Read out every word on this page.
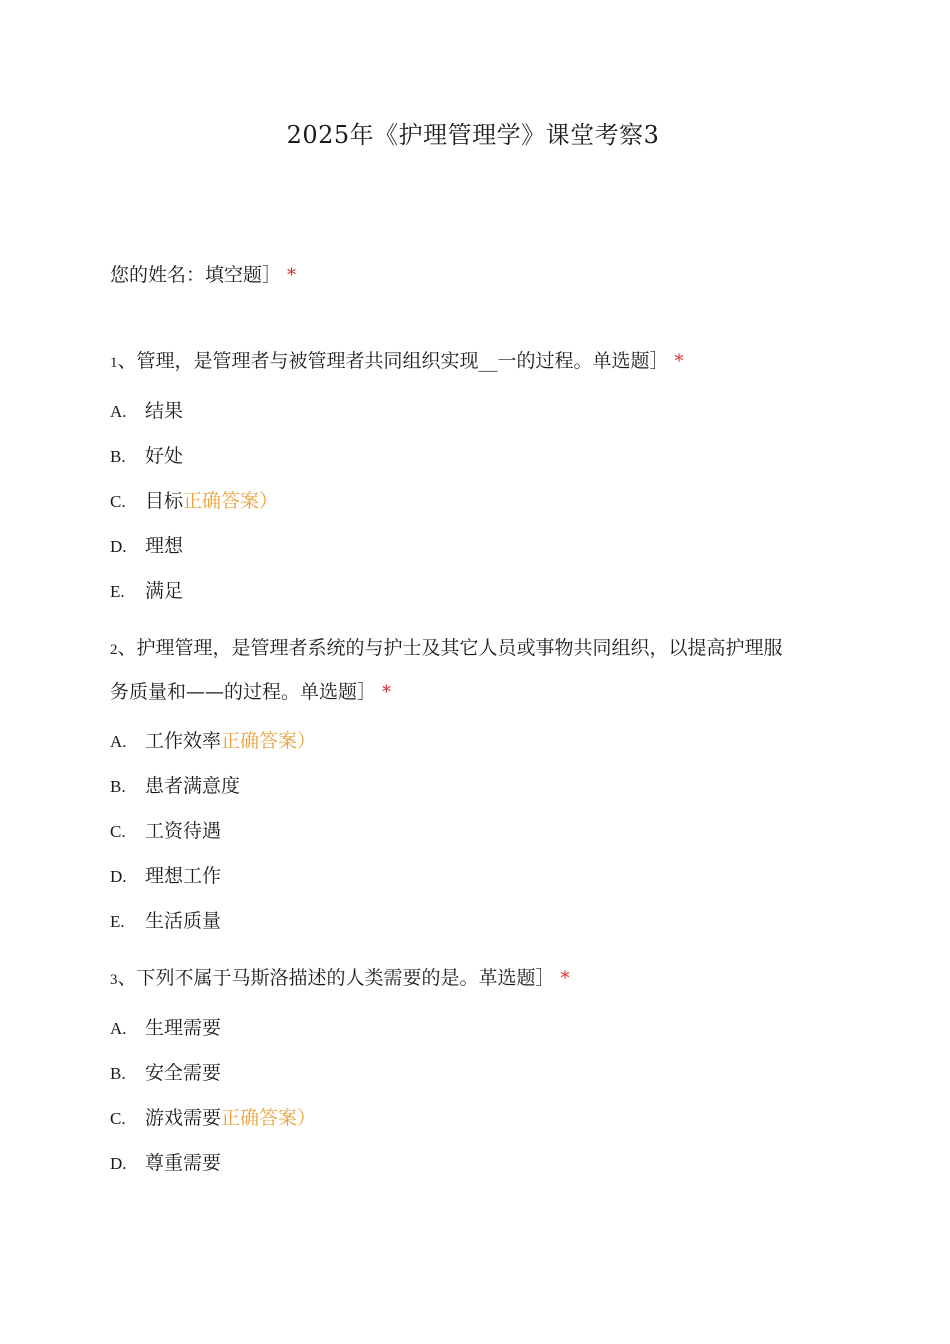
2025年《护理管理学》课堂考察3
您的姓名：填空题］ *
1、管理，是管理者与被管理者共同组织实现__一的过程。单选题］ *
A. 结果
B. 好处
C. 目标正确答案）
D. 理想
E. 满足
2、护理管理，是管理者系统的与护士及其它人员或事物共同组织，以提高护理服
务质量和——的过程。单选题］ *
A. 工作效率正确答案）
B. 患者满意度
C. 工资待遇
D. 理想工作
E. 生活质量
3、下列不属于马斯洛描述的人类需要的是。革选题］ *
A. 生理需要
B. 安全需要
C. 游戏需要正确答案）
D. 尊重需要
